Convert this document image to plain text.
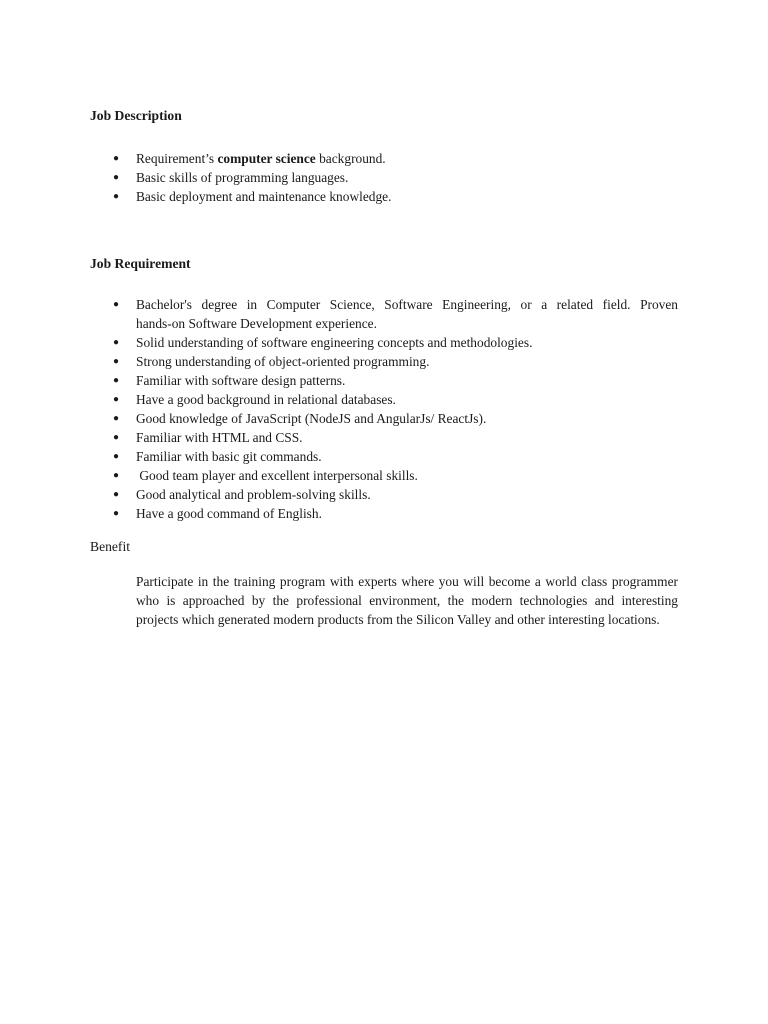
Job Description
● Requirement’s computer science background.
● Basic skills of programming languages.
● Basic deployment and maintenance knowledge.
Job Requirement
● Bachelor's degree in Computer Science, Software Engineering, or a related field. Proven
hands-on Software Development experience.
● Solid understanding of software engineering concepts and methodologies.
● Strong understanding of object-oriented programming.
● Familiar with software design patterns.
● Have a good background in relational databases.
● Good knowledge of JavaScript (NodeJS and AngularJs/ ReactJs).
● Familiar with HTML and CSS.
● Familiar with basic git commands.
● Good team player and excellent interpersonal skills.
● Good analytical and problem-solving skills.
● Have a good command of English.
Benefit

Participate in the training program with experts where you will become a world class programmer
who is approached by the professional environment, the modern technologies and interesting
projects which generated modern products from the Silicon Valley and other interesting locations.
